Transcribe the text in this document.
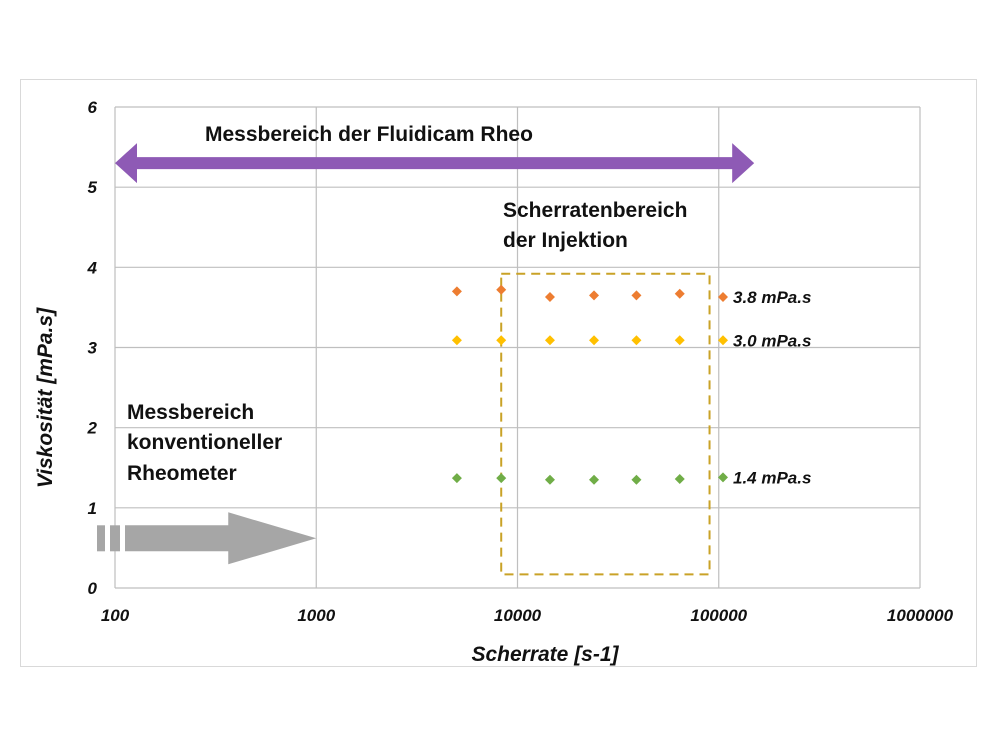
0
1
2
3
4
5
6
100	1000	10000	100000	1000000
Messbereich der Fluidicam Rheo
Scherratenbereich
der Injektion
Messbereich
konventioneller
Rheometer
3.8 mPa.s
3.0 mPa.s
1.4 mPa.s
Scherrate [s-1]
Viskosität [mPa.s]
